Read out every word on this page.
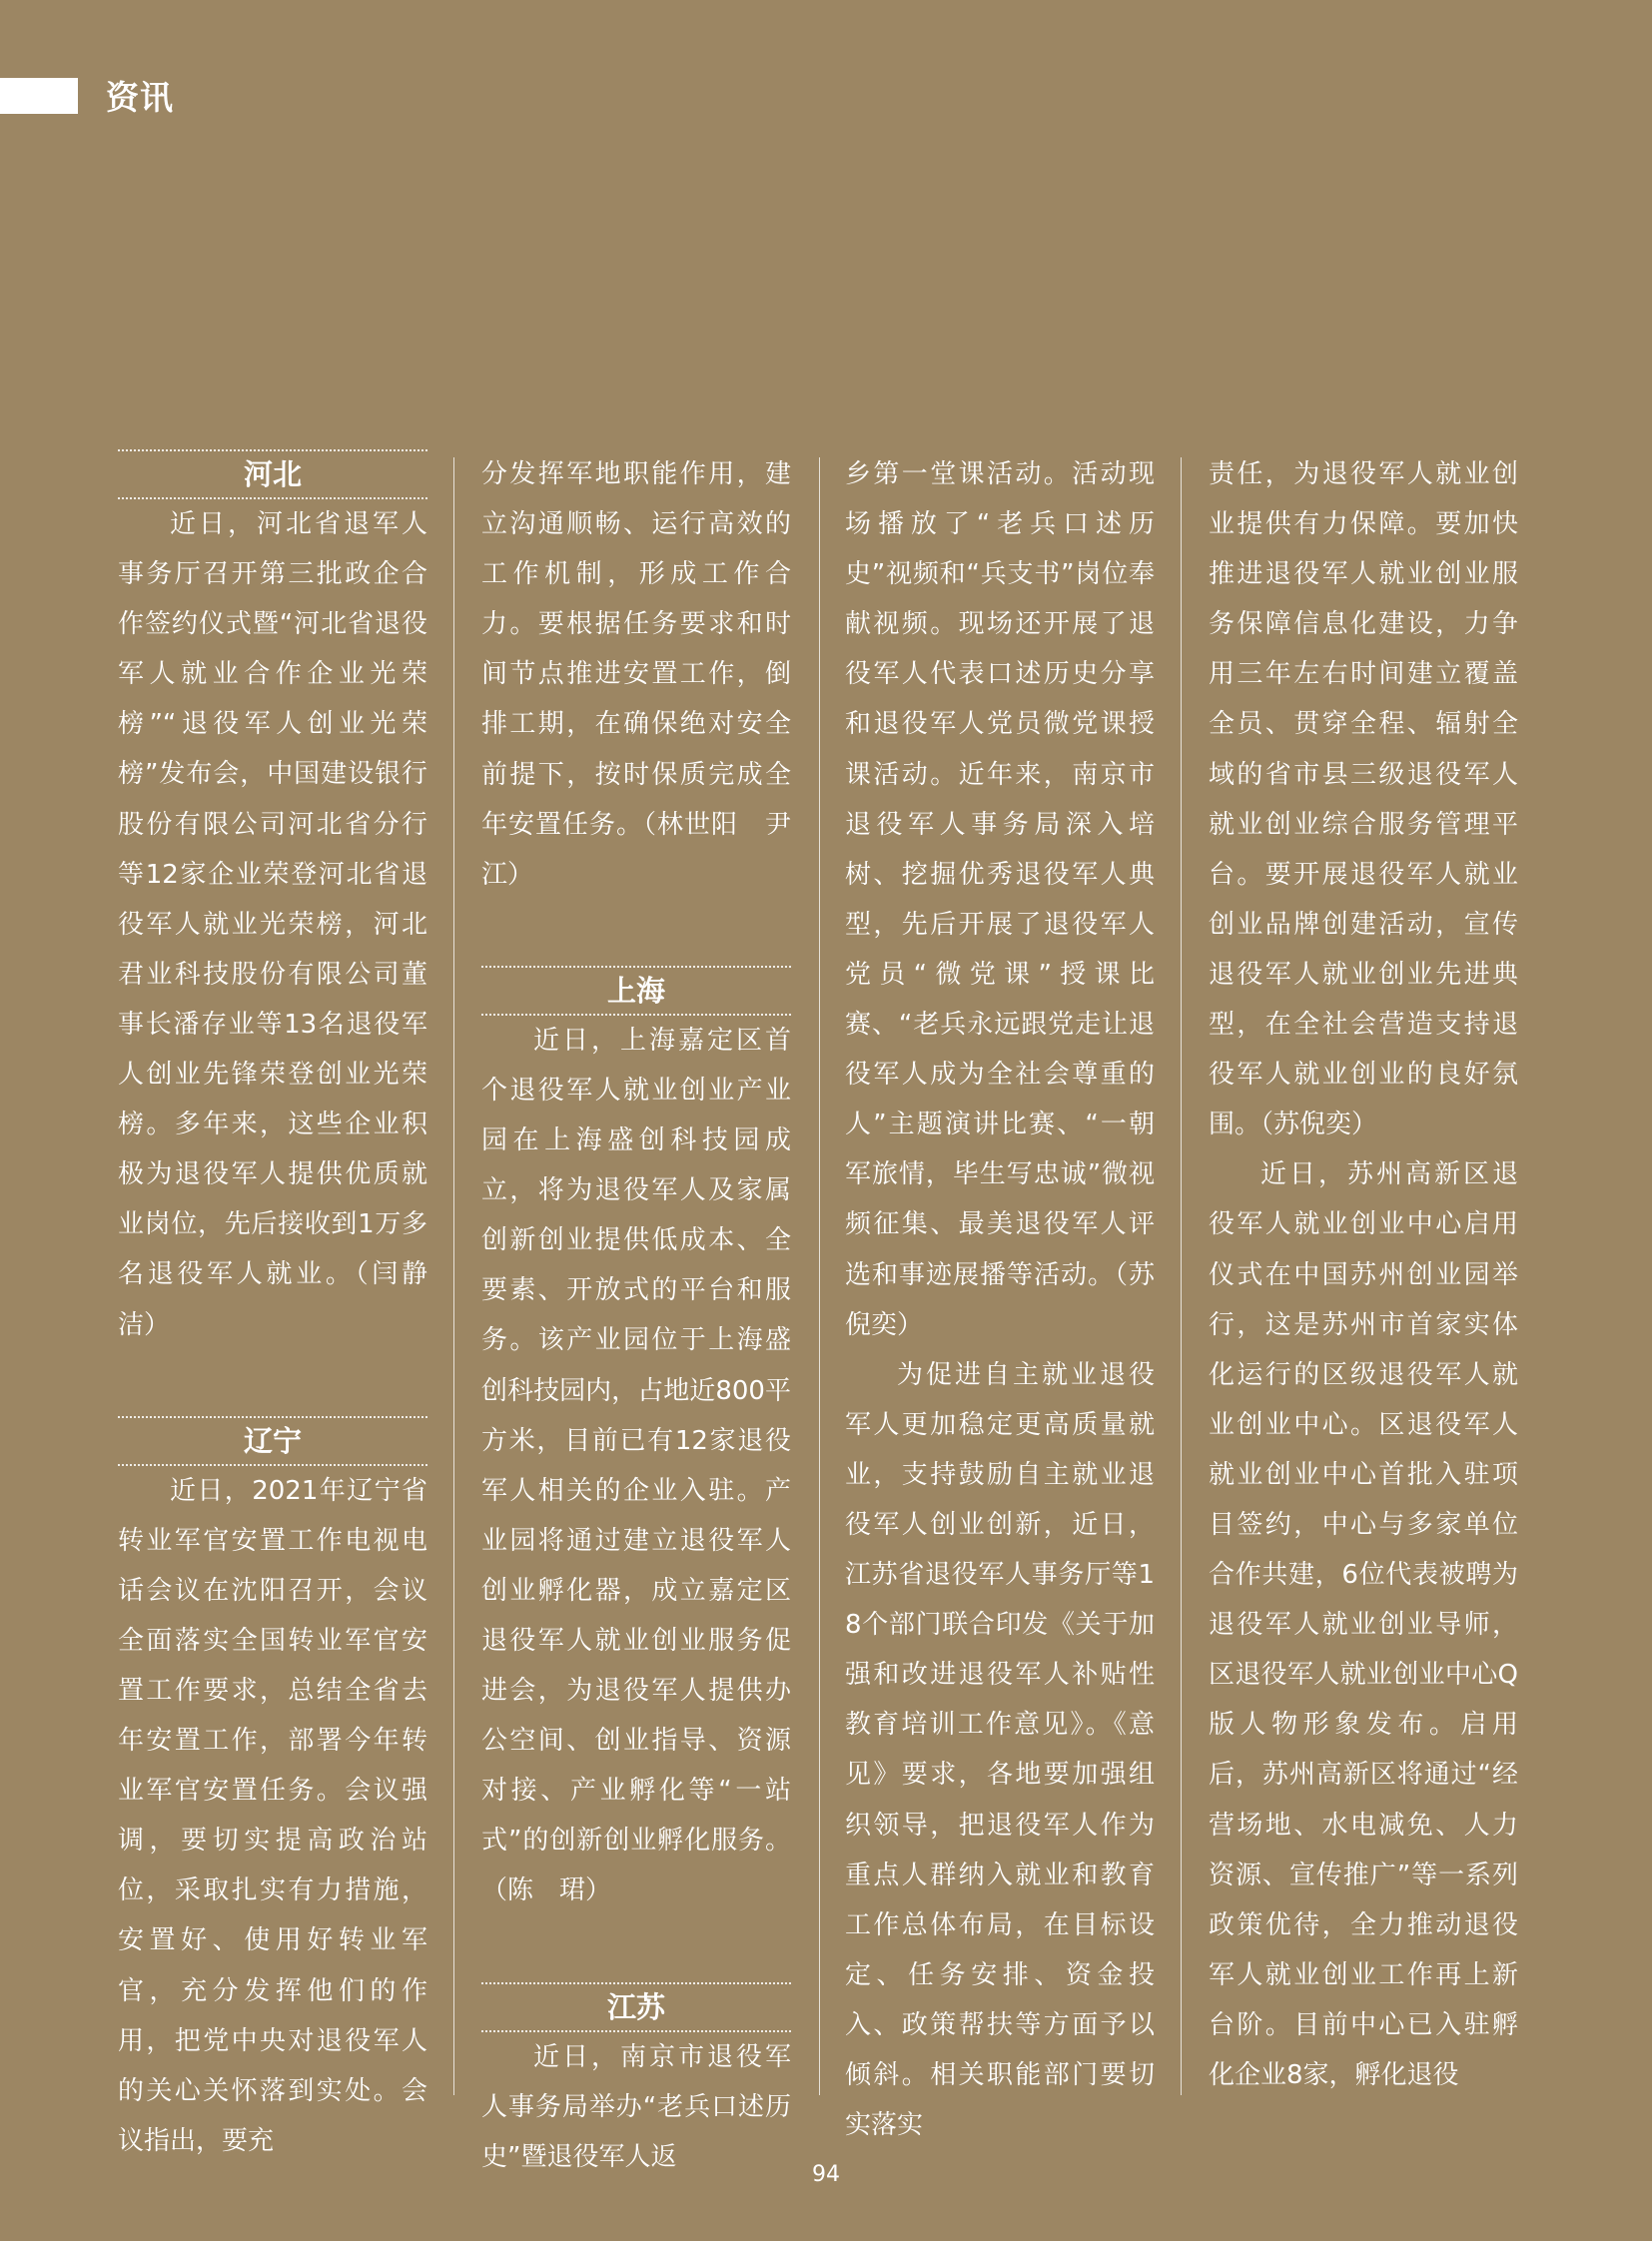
资讯
河北

近日，河北省退军人事务厅召开第三批政企合作签约仪式暨“河北省退役军人就业合作企业光荣榜”“退役军人创业光荣榜”发布会，中国建设银行股份有限公司河北省分行等12家企业荣登河北省退役军人就业光荣榜，河北君业科技股份有限公司董事长潘存业等13名退役军人创业先锋荣登创业光荣榜。多年来，这些企业积极为退役军人提供优质就业岗位，先后接收到1万多名退役军人就业。（闫静洁）

辽宁

近日，2021年辽宁省转业军官安置工作电视电话会议在沈阳召开，会议全面落实全国转业军官安置工作要求，总结全省去年安置工作，部署今年转业军官安置任务。会议强调，要切实提高政治站位，采取扎实有力措施，安置好、使用好转业军官，充分发挥他们的作用，把党中央对退役军人的关心关怀落到实处。会议指出，要充

分发挥军地职能作用，建立沟通顺畅、运行高效的工作机制，形成工作合力。要根据任务要求和时间节点推进安置工作，倒排工期，在确保绝对安全前提下，按时保质完成全年安置任务。（林世阳　尹　江）

上海

近日，上海嘉定区首个退役军人就业创业产业园在上海盛创科技园成立，将为退役军人及家属创新创业提供低成本、全要素、开放式的平台和服务。该产业园位于上海盛创科技园内，占地近800平方米，目前已有12家退役军人相关的企业入驻。产业园将通过建立退役军人创业孵化器，成立嘉定区退役军人就业创业服务促进会，为退役军人提供办公空间、创业指导、资源对接、产业孵化等“一站式”的创新创业孵化服务。（陈　珺）

江苏

近日，南京市退役军人事务局举办“老兵口述历史”暨退役军人返

乡第一堂课活动。活动现场播放了“老兵口述历史”视频和“兵支书”岗位奉献视频。现场还开展了退役军人代表口述历史分享和退役军人党员微党课授课活动。近年来，南京市退役军人事务局深入培树、挖掘优秀退役军人典型，先后开展了退役军人党员“微党课”授课比赛、“老兵永远跟党走让退役军人成为全社会尊重的人”主题演讲比赛、“一朝军旅情，毕生写忠诚”微视频征集、最美退役军人评选和事迹展播等活动。（苏倪奕）

为促进自主就业退役军人更加稳定更高质量就业，支持鼓励自主就业退役军人创业创新，近日，江苏省退役军人事务厅等18个部门联合印发《关于加强和改进退役军人补贴性教育培训工作意见》。《意见》要求，各地要加强组织领导，把退役军人作为重点人群纳入就业和教育工作总体布局，在目标设定、任务安排、资金投入、政策帮扶等方面予以倾斜。相关职能部门要切实落实

责任，为退役军人就业创业提供有力保障。要加快推进退役军人就业创业服务保障信息化建设，力争用三年左右时间建立覆盖全员、贯穿全程、辐射全域的省市县三级退役军人就业创业综合服务管理平台。要开展退役军人就业创业品牌创建活动，宣传退役军人就业创业先进典型，在全社会营造支持退役军人就业创业的良好氛围。（苏倪奕）

近日，苏州高新区退役军人就业创业中心启用仪式在中国苏州创业园举行，这是苏州市首家实体化运行的区级退役军人就业创业中心。区退役军人就业创业中心首批入驻项目签约，中心与多家单位合作共建，6位代表被聘为退役军人就业创业导师，区退役军人就业创业中心Q版人物形象发布。启用后，苏州高新区将通过“经营场地、水电减免、人力资源、宣传推广”等一系列政策优待，全力推动退役军人就业创业工作再上新台阶。目前中心已入驻孵化企业8家，孵化退役

94
